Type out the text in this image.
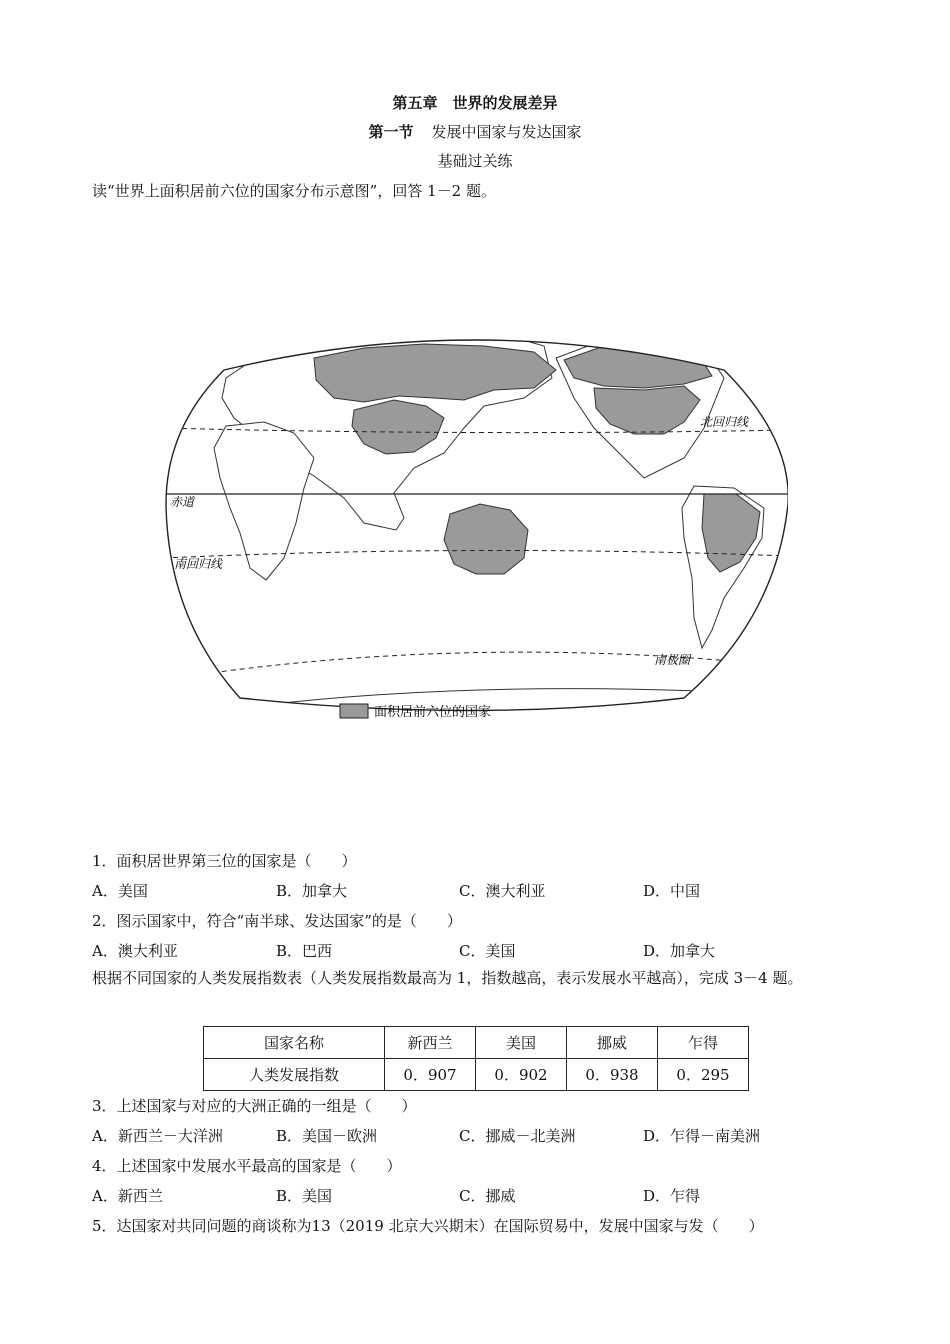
第五章　世界的发展差异
第一节 发展中国家与发达国家
基础过关练
读“世界上面积居前六位的国家分布示意图”，回答 1－2 题。
北回归线
赤道
南回归线
南极圈
面积居前六位的国家
1．面积居世界第三位的国家是（　　）
A．美国	B．加拿大	C．澳大利亚	D．中国
2．图示国家中，符合“南半球、发达国家”的是（　　）
A．澳大利亚	B．巴西	C．美国	D．加拿大
根据不同国家的人类发展指数表（人类发展指数最高为 1，指数越高，表示发展水平越高），完成 3－4 题。
国家名称	新西兰	美国	挪威	乍得
人类发展指数	0．907	0．902	0．938	0．295
3．上述国家与对应的大洲正确的一组是（　　）
A．新西兰－大洋洲	B．美国－欧洲	C．挪威－北美洲	D．乍得－南美洲
4．上述国家中发展水平最高的国家是（　　）
A．新西兰	B．美国	C．挪威	D．乍得
5．达国家对共同问题的商谈称为13（2019 北京大兴期末）在国际贸易中，发展中国家与发（　　）
